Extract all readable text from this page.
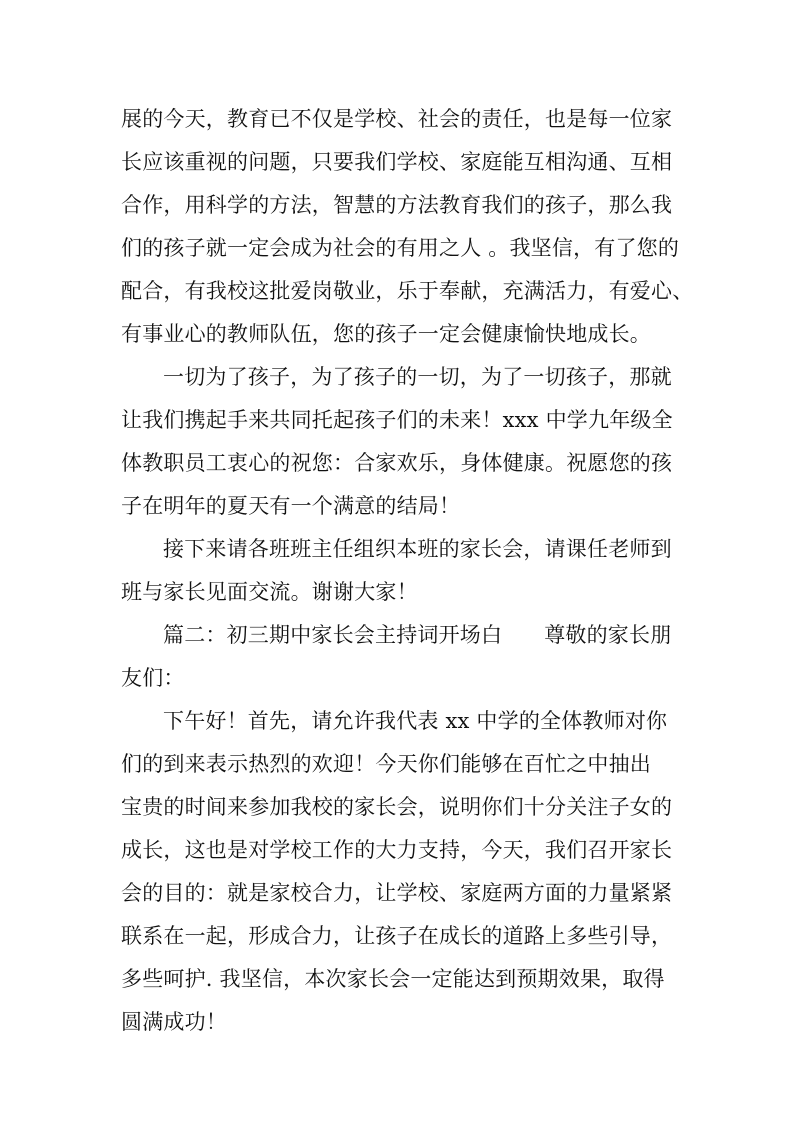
展的今天，教育已不仅是学校、社会的责任，也是每一位家
长应该重视的问题，只要我们学校、家庭能互相沟通、互相
合作，用科学的方法，智慧的方法教育我们的孩子，那么我
们的孩子就一定会成为社会的有用之人 。我坚信，有了您的
配合，有我校这批爱岗敬业，乐于奉献，充满活力，有爱心、
有事业心的教师队伍，您的孩子一定会健康愉快地成长。
一切为了孩子，为了孩子的一切，为了一切孩子，那就
让我们携起手来共同托起孩子们的未来！xxx 中学九年级全
体教职员工衷心的祝您：合家欢乐，身体健康。祝愿您的孩
子在明年的夏天有一个满意的结局！
接下来请各班班主任组织本班的家长会，请课任老师到
班与家长见面交流。谢谢大家！
篇二：初三期中家长会主持词开场白 尊敬的家长朋
友们：
下午好！首先，请允许我代表 xx 中学的全体教师对你
们的到来表示热烈的欢迎！今天你们能够在百忙之中抽出
宝贵的时间来参加我校的家长会，说明你们十分关注子女的
成长，这也是对学校工作的大力支持，今天，我们召开家长
会的目的：就是家校合力，让学校、家庭两方面的力量紧紧
联系在一起，形成合力，让孩子在成长的道路上多些引导，
多些呵护. 我坚信，本次家长会一定能达到预期效果，取得
圆满成功！
